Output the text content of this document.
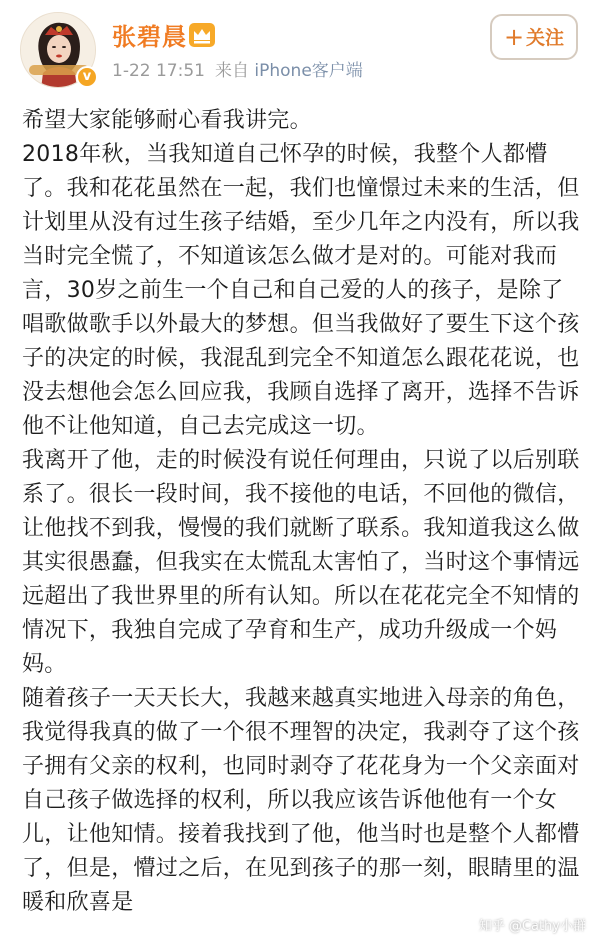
v
张碧晨
1-22 17:51 来自 iPhone客户端
+ 关注

希望大家能够耐心看我讲完。

2018年秋，当我知道自己怀孕的时候，我整个人都懵了。我和花花虽然在一起，我们也憧憬过未来的生活，但计划里从没有过生孩子结婚，至少几年之内没有，所以我当时完全慌了，不知道该怎么做才是对的。可能对我而言，30岁之前生一个自己和自己爱的人的孩子，是除了唱歌做歌手以外最大的梦想。但当我做好了要生下这个孩子的决定的时候，我混乱到完全不知道怎么跟花花说，也没去想他会怎么回应我，我顾自选择了离开，选择不告诉他不让他知道，自己去完成这一切。

我离开了他，走的时候没有说任何理由，只说了以后别联系了。很长一段时间，我不接他的电话，不回他的微信，让他找不到我，慢慢的我们就断了联系。我知道我这么做其实很愚蠢，但我实在太慌乱太害怕了，当时这个事情远远超出了我世界里的所有认知。所以在花花完全不知情的情况下，我独自完成了孕育和生产，成功升级成一个妈妈。

随着孩子一天天长大，我越来越真实地进入母亲的角色，我觉得我真的做了一个很不理智的决定，我剥夺了这个孩子拥有父亲的权利，也同时剥夺了花花身为一个父亲面对自己孩子做选择的权利，所以我应该告诉他他有一个女儿，让他知情。接着我找到了他，他当时也是整个人都懵了，但是，懵过之后，在见到孩子的那一刻，眼睛里的温暖和欣喜是

知乎 @Cathy小群
